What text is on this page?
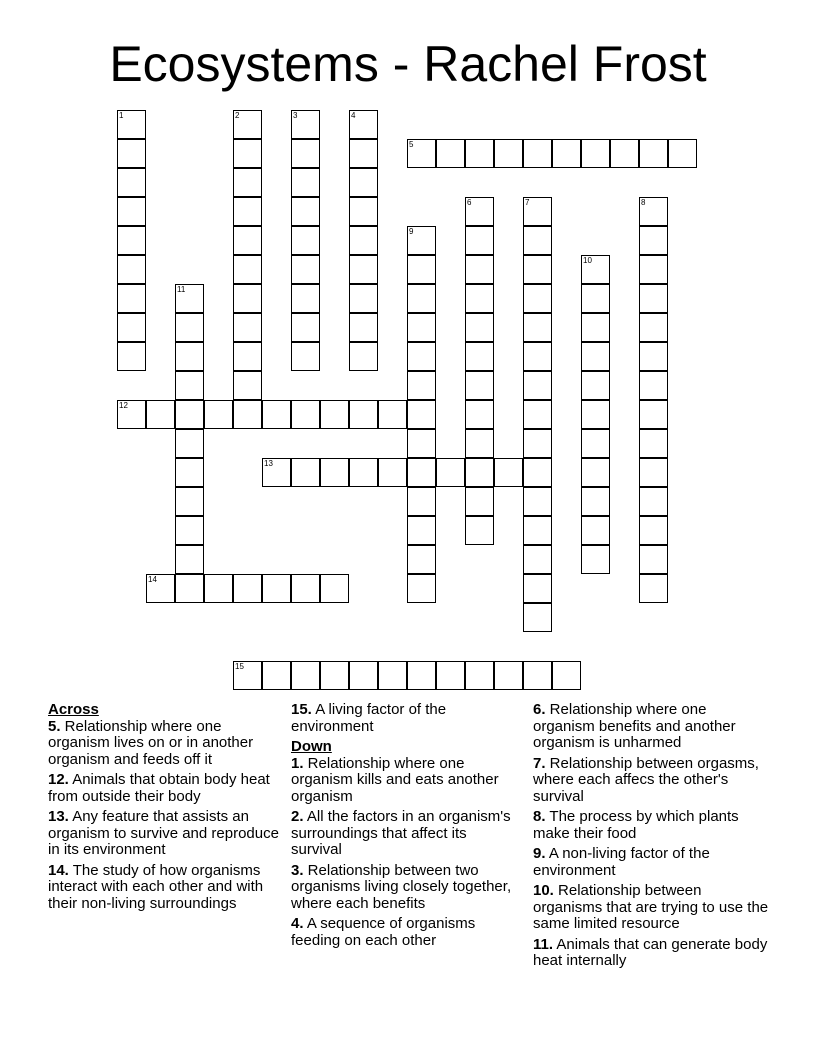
Ecosystems - Rachel Frost
1	2	3	4
5
6	7	8
9
10
11
12
13
14
15

Across

5. Relationship where one organism lives on or in another organism and feeds off it

12. Animals that obtain body heat from outside their body

13. Any feature that assists an organism to survive and reproduce in its environment

14. The study of how organisms interact with each other and with their non-living surroundings

15. A living factor of the environment

Down

1. Relationship where one organism kills and eats another organism

2. All the factors in an organism's surroundings that affect its survival

3. Relationship between two organisms living closely together, where each benefits

4. A sequence of organisms feeding on each other

6. Relationship where one organism benefits and another organism is unharmed

7. Relationship between orgasms, where each affecs the other's survival

8. The process by which plants make their food

9. A non-living factor of the environment

10. Relationship between organisms that are trying to use the same limited resource

11. Animals that can generate body heat internally
